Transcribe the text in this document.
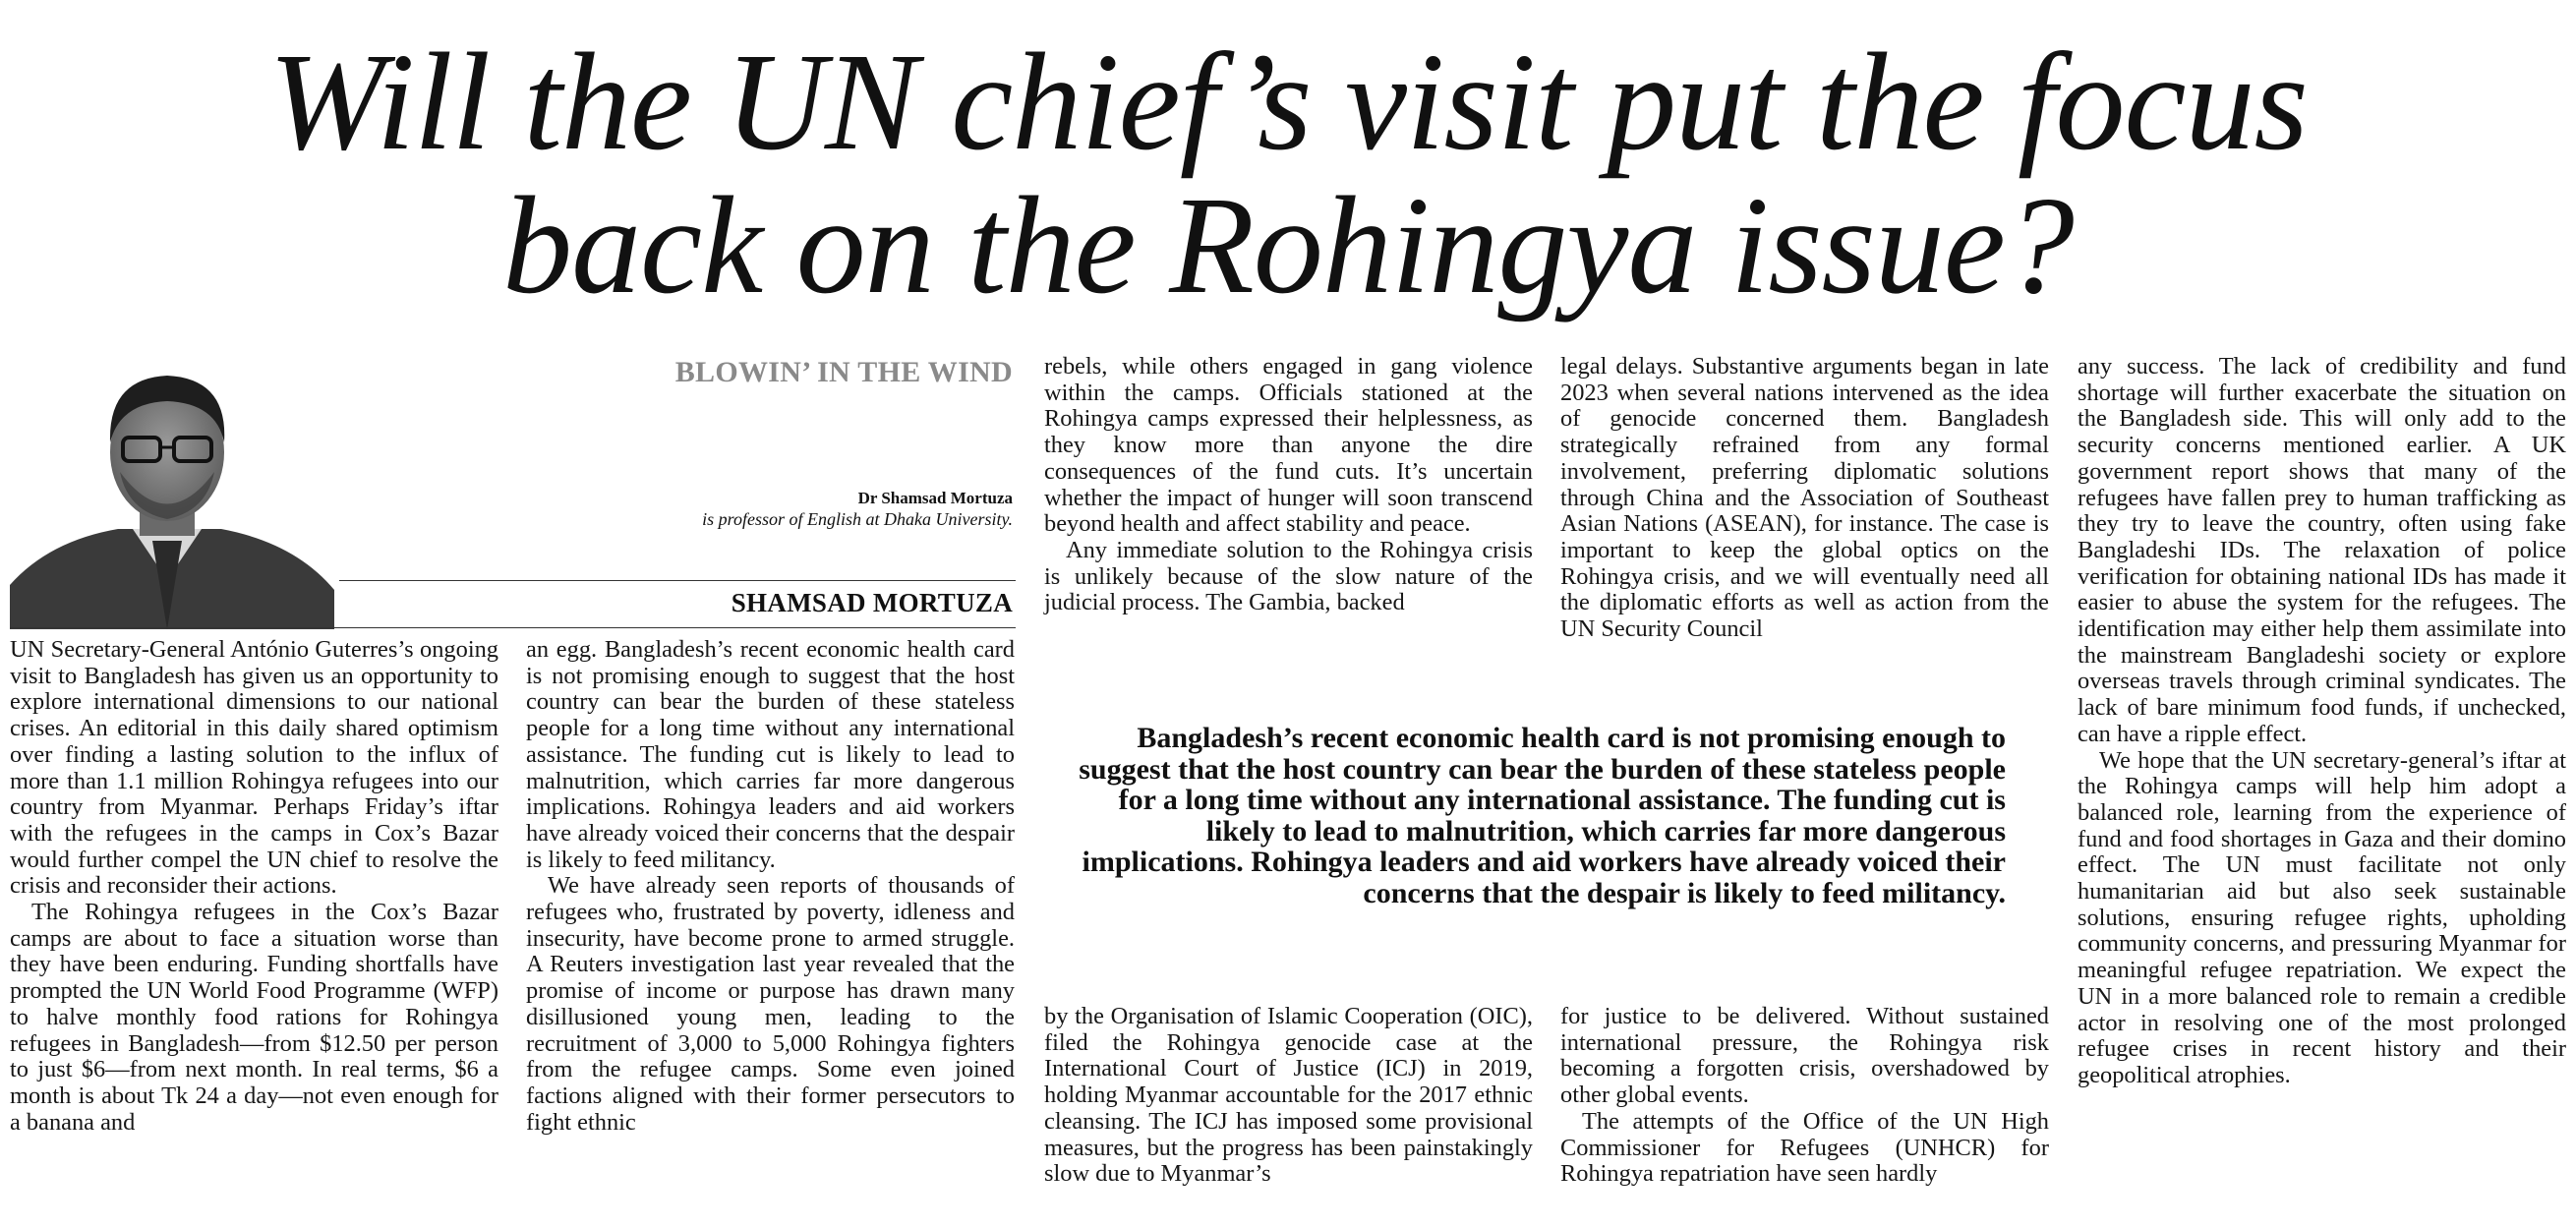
Will the UN chief’s visit put the focus
back on the Rohingya issue?
BLOWIN’ IN THE WIND
Dr Shamsad Mortuza
is professor of English at Dhaka University.
SHAMSAD MORTUZA

UN Secretary-General António Guterres’s ongoing visit to Bangladesh has given us an opportunity to explore international dimensions to our national crises. An editorial in this daily shared optimism over finding a lasting solution to the influx of more than 1.1 million Rohingya refugees into our country from Myanmar. Perhaps Friday’s iftar with the refugees in the camps in Cox’s Bazar would further compel the UN chief to resolve the crisis and reconsider their actions.

The Rohingya refugees in the Cox’s Bazar camps are about to face a situation worse than they have been enduring. Funding shortfalls have prompted the UN World Food Programme (WFP) to halve monthly food rations for Rohingya refugees in Bangladesh—from $12.50 per person to just $6—from next month. In real terms, $6 a month is about Tk 24 a day—not even enough for a banana and

an egg. Bangladesh’s recent economic health card is not promising enough to suggest that the host country can bear the burden of these stateless people for a long time without any international assistance. The funding cut is likely to lead to malnutrition, which carries far more dangerous implications. Rohingya leaders and aid workers have already voiced their concerns that the despair is likely to feed militancy.

We have already seen reports of thousands of refugees who, frustrated by poverty, idleness and insecurity, have become prone to armed struggle. A Reuters investigation last year revealed that the promise of income or purpose has drawn many disillusioned young men, leading to the recruitment of 3,000 to 5,000 Rohingya fighters from the refugee camps. Some even joined factions aligned with their former persecutors to fight ethnic

rebels, while others engaged in gang violence within the camps. Officials stationed at the Rohingya camps expressed their helplessness, as they know more than anyone the dire consequences of the fund cuts. It’s uncertain whether the impact of hunger will soon transcend beyond health and affect stability and peace.

Any immediate solution to the Rohingya crisis is unlikely because of the slow nature of the judicial process. The Gambia, backed

legal delays. Substantive arguments began in late 2023 when several nations intervened as the idea of genocide concerned them. Bangladesh strategically refrained from any formal involvement, preferring diplomatic solutions through China and the Association of Southeast Asian Nations (ASEAN), for instance. The case is important to keep the global optics on the Rohingya crisis, and we will eventually need all the diplomatic efforts as well as action from the UN Security Council

Bangladesh’s recent economic health card is not promising enough to suggest that the host country can bear the burden of these stateless people for a long time without any international assistance. The funding cut is likely to lead to malnutrition, which carries far more dangerous implications. Rohingya leaders and aid workers have already voiced their concerns that the despair is likely to feed militancy.

by the Organisation of Islamic Cooperation (OIC), filed the Rohingya genocide case at the International Court of Justice (ICJ) in 2019, holding Myanmar accountable for the 2017 ethnic cleansing. The ICJ has imposed some provisional measures, but the progress has been painstakingly slow due to Myanmar’s

for justice to be delivered. Without sustained international pressure, the Rohingya risk becoming a forgotten crisis, overshadowed by other global events.

The attempts of the Office of the UN High Commissioner for Refugees (UNHCR) for Rohingya repatriation have seen hardly

any success. The lack of credibility and fund shortage will further exacerbate the situation on the Bangladesh side. This will only add to the security concerns mentioned earlier. A UK government report shows that many of the refugees have fallen prey to human trafficking as they try to leave the country, often using fake Bangladeshi IDs. The relaxation of police verification for obtaining national IDs has made it easier to abuse the system for the refugees. The identification may either help them assimilate into the mainstream Bangladeshi society or explore overseas travels through criminal syndicates. The lack of bare minimum food funds, if unchecked, can have a ripple effect.

We hope that the UN secretary-general’s iftar at the Rohingya camps will help him adopt a balanced role, learning from the experience of fund and food shortages in Gaza and their domino effect. The UN must facilitate not only humanitarian aid but also seek sustainable solutions, ensuring refugee rights, upholding community concerns, and pressuring Myanmar for meaningful refugee repatriation. We expect the UN in a more balanced role to remain a credible actor in resolving one of the most prolonged refugee crises in recent history and their geopolitical atrophies.
